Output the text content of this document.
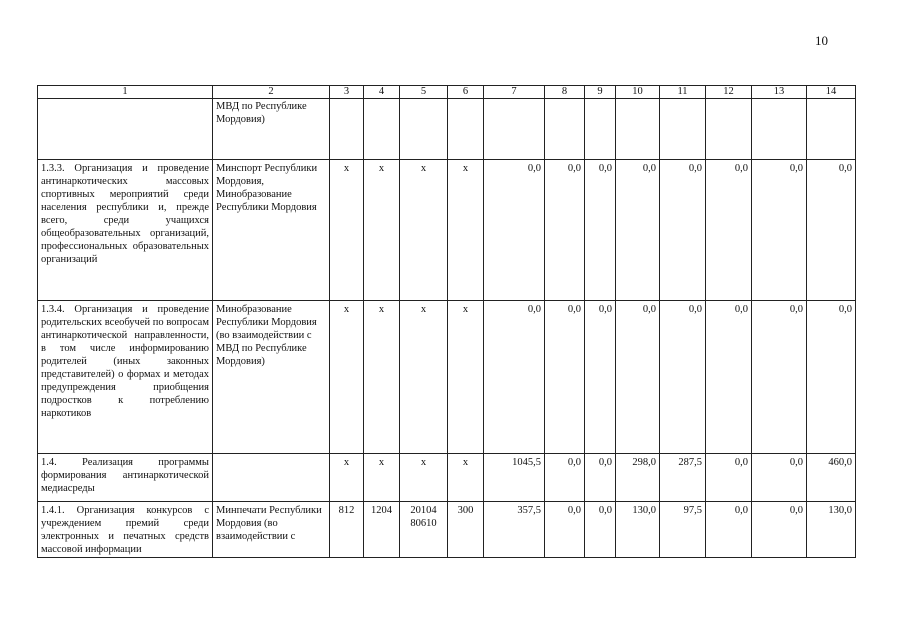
10
1	2	3	4	5	6	7	8	9	10	11	12	13	14
	МВД по Республике Мордовия)												
1.3.3. Организация и проведение антинаркотических массовых спортивных мероприятий среди населения республики и, прежде всего, среди учащихся общеобразовательных организаций, профессиональных образовательных организаций	Минспорт Республики Мордовия, Минобразование Республики Мордовия	x	x	x	x	0,0	0,0	0,0	0,0	0,0	0,0	0,0	0,0
1.3.4. Организация и проведение родительских всеобучей по вопросам антинаркотической направленности, в том числе информированию родителей (иных законных представителей) о формах и методах предупреждения приобщения подростков к потреблению наркотиков	Минобразование Республики Мордовия (во взаимодействии с МВД по Республике Мордовия)	x	x	x	x	0,0	0,0	0,0	0,0	0,0	0,0	0,0	0,0
1.4. Реализация программы формирования антинаркотической медиасреды		x	x	x	x	1045,5	0,0	0,0	298,0	287,5	0,0	0,0	460,0
1.4.1. Организация конкурсов с учреждением премий среди электронных и печатных средств массовой информации	Минпечати Республики Мордовия (во взаимодействии с	812	1204	20104 80610	300	357,5	0,0	0,0	130,0	97,5	0,0	0,0	130,0
